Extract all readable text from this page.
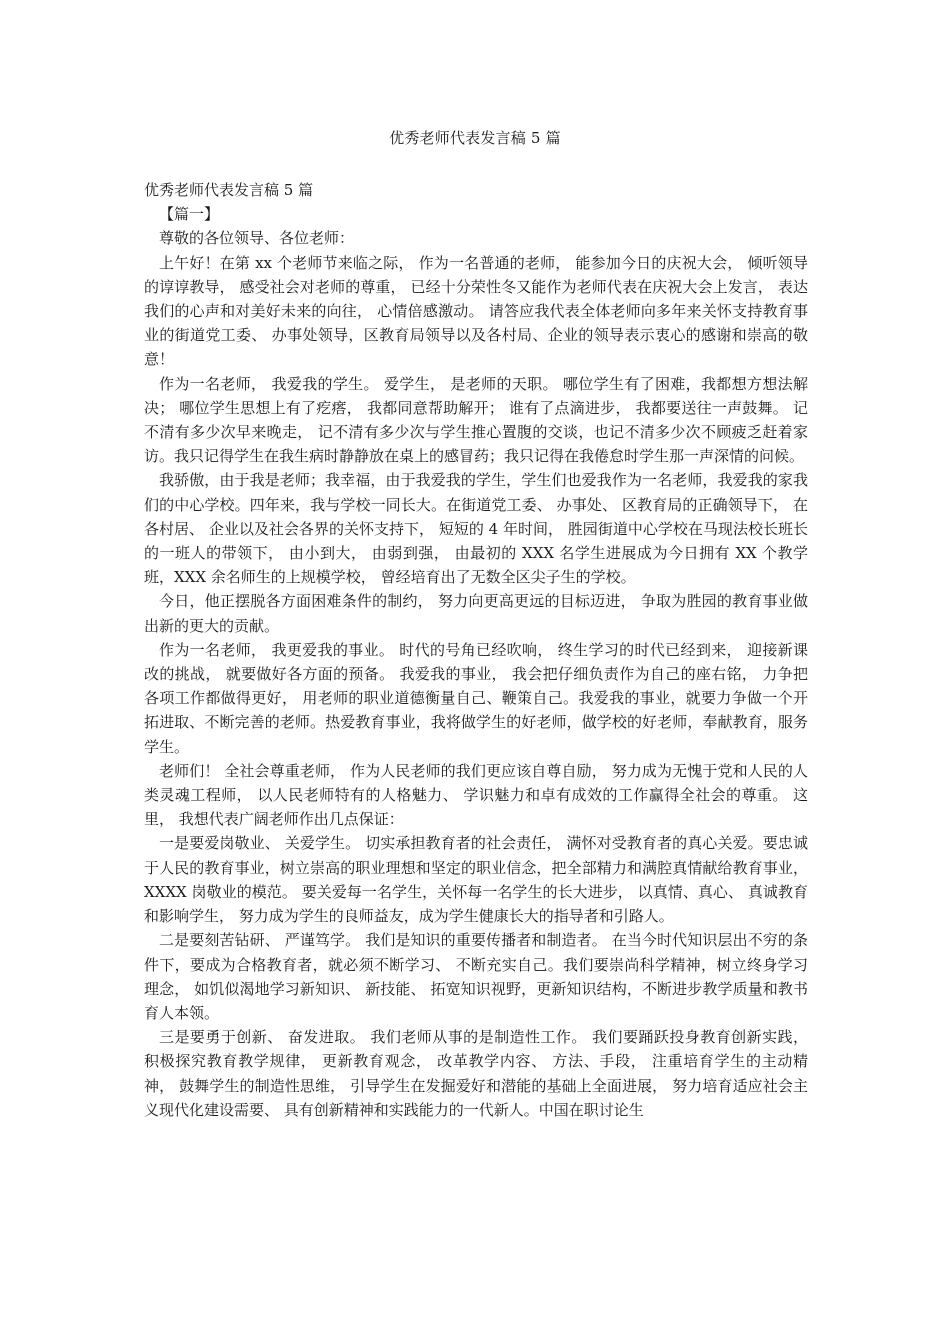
优秀老师代表发言稿 5 篇

优秀老师代表发言稿 5 篇

【篇一】

尊敬的各位领导、各位老师：

上午好！在第 xx 个老师节来临之际， 作为一名普通的老师， 能参加今日的庆祝大会， 倾听领导的谆谆教导， 感受社会对老师的尊重， 已经十分荣性冬又能作为老师代表在庆祝大会上发言， 表达我们的心声和对美好未来的向往， 心情倍感激动。 请答应我代表全体老师向多年来关怀支持教育事业的街道党工委、 办事处领导，区教育局领导以及各村局、企业的领导表示衷心的感谢和崇高的敬意！

作为一名老师， 我爱我的学生。 爱学生， 是老师的天职。 哪位学生有了困难，我都想方想法解决； 哪位学生思想上有了疙瘩， 我都同意帮助解开； 谁有了点滴进步， 我都要送往一声鼓舞。 记不清有多少次早来晚走， 记不清有多少次与学生推心置腹的交谈，也记不清多少次不顾疲乏赶着家访。我只记得学生在我生病时静静放在桌上的感冒药；我只记得在我倦怠时学生那一声深情的问候。

我骄傲，由于我是老师；我幸福，由于我爱我的学生，学生们也爱我作为一名老师，我爱我的家我们的中心学校。四年来，我与学校一同长大。在街道党工委、 办事处、 区教育局的正确领导下， 在各村居、 企业以及社会各界的关怀支持下， 短短的 4 年时间， 胜园街道中心学校在马现法校长班长的一班人的带领下， 由小到大， 由弱到强， 由最初的 XXX 名学生进展成为今日拥有 XX 个教学班，XXX 余名师生的上规模学校， 曾经培育出了无数全区尖子生的学校。

今日，他正摆脱各方面困难条件的制约， 努力向更高更远的目标迈进， 争取为胜园的教育事业做出新的更大的贡献。

作为一名老师， 我更爱我的事业。 时代的号角已经吹响， 终生学习的时代已经到来， 迎接新课改的挑战， 就要做好各方面的预备。 我爱我的事业， 我会把仔细负责作为自己的座右铭， 力争把各项工作都做得更好， 用老师的职业道德衡量自己、鞭策自己。我爱我的事业，就要力争做一个开拓进取、不断完善的老师。热爱教育事业，我将做学生的好老师，做学校的好老师，奉献教育，服务学生。

老师们！ 全社会尊重老师， 作为人民老师的我们更应该自尊自励， 努力成为无愧于党和人民的人类灵魂工程师， 以人民老师特有的人格魅力、 学识魅力和卓有成效的工作赢得全社会的尊重。 这里， 我想代表广阔老师作出几点保证：

一是要爱岗敬业、 关爱学生。 切实承担教育者的社会责任， 满怀对受教育者的真心关爱。要忠诚于人民的教育事业，树立崇高的职业理想和坚定的职业信念，把全部精力和满腔真情献给教育事业，XXXX 岗敬业的模范。 要关爱每一名学生，关怀每一名学生的长大进步， 以真情、真心、 真诚教育和影响学生， 努力成为学生的良师益友，成为学生健康长大的指导者和引路人。

二是要刻苦钻研、 严谨笃学。 我们是知识的重要传播者和制造者。 在当今时代知识层出不穷的条件下，要成为合格教育者，就必须不断学习、 不断充实自己。我们要崇尚科学精神，树立终身学习理念， 如饥似渴地学习新知识、 新技能、 拓宽知识视野，更新知识结构，不断进步教学质量和教书育人本领。

三是要勇于创新、 奋发进取。 我们老师从事的是制造性工作。 我们要踊跃投身教育创新实践， 积极探究教育教学规律， 更新教育观念， 改革教学内容、 方法、手段， 注重培育学生的主动精神， 鼓舞学生的制造性思维， 引导学生在发掘爱好和潜能的基础上全面进展， 努力培育适应社会主义现代化建设需要、 具有创新精神和实践能力的一代新人。中国在职讨论生
